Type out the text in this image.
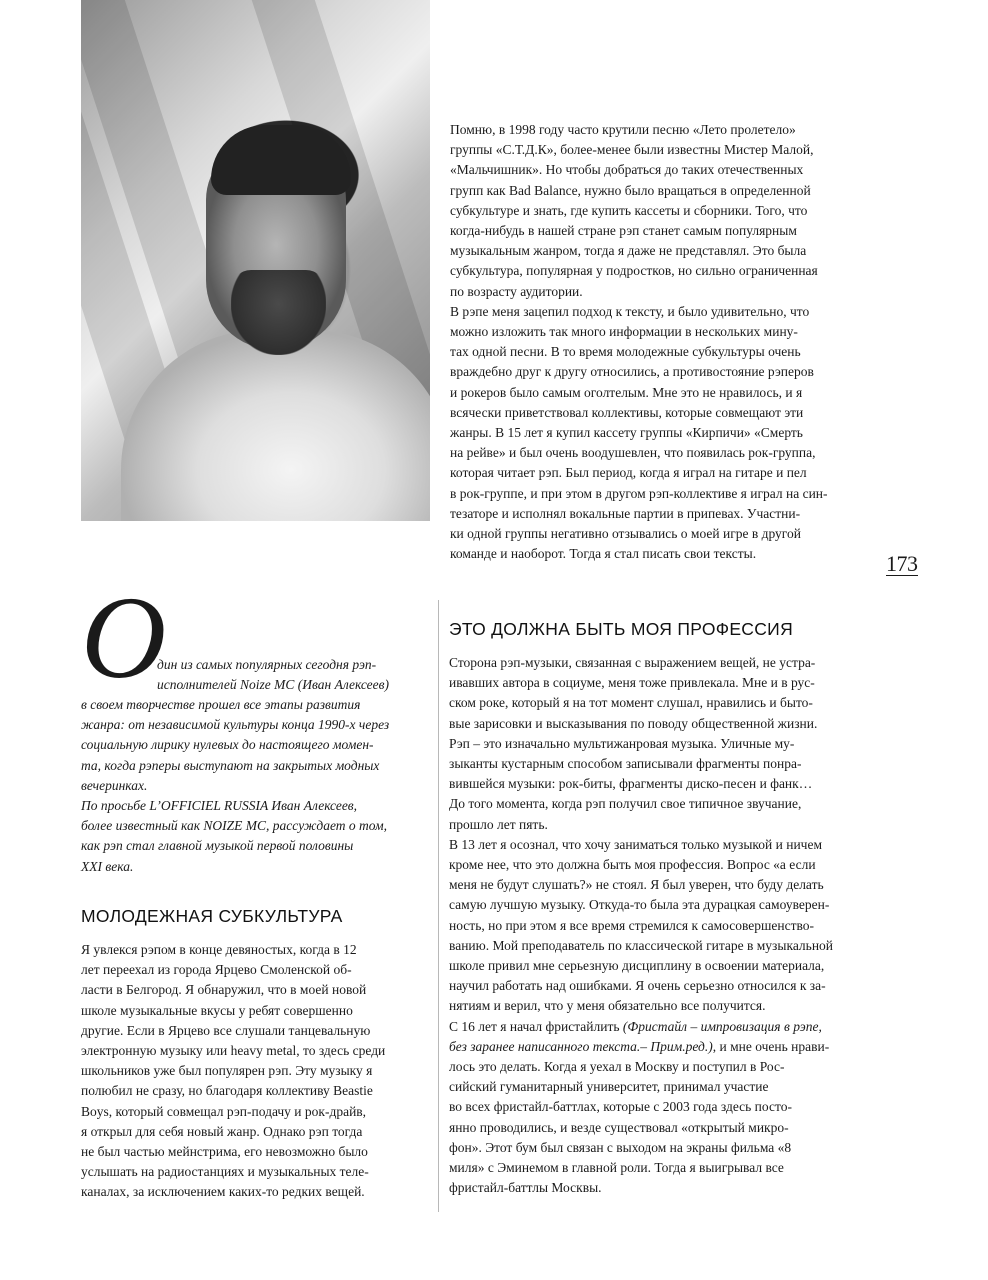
Помню, в 1998 году часто крутили песню «Лето пролетело»
группы «С.Т.Д.К», более-менее были известны Мистер Малой,
«Мальчишник». Но чтобы добраться до таких отечественных
групп как Bad Balance, нужно было вращаться в определенной
субкультуре и знать, где купить кассеты и сборники. Того, что
когда-нибудь в нашей стране рэп станет самым популярным
музыкальным жанром, тогда я даже не представлял. Это была
субкультура, популярная у подростков, но сильно ограниченная
по возрасту аудитории.
В рэпе меня зацепил подход к тексту, и было удивительно, что
можно изложить так много информации в нескольких мину-
тах одной песни. В то время молодежные субкультуры очень
враждебно друг к другу относились, а противостояние рэперов
и рокеров было самым оголтелым. Мне это не нравилось, и я
всячески приветствовал коллективы, которые совмещают эти
жанры. В 15 лет я купил кассету группы «Кирпичи» «Смерть
на рейве» и был очень воодушевлен, что появилась рок-группа,
которая читает рэп. Был период, когда я играл на гитаре и пел
в рок-группе, и при этом в другом рэп-коллективе я играл на син-
тезаторе и исполнял вокальные партии в припевах. Участни-
ки одной группы негативно отзывались о моей игре в другой
команде и наоборот. Тогда я стал писать свои тексты.	173
О
дин из самых популярных сегодня рэп-
исполнителей Noize MC (Иван Алексеев)
в своем творчестве прошел все этапы развития
жанра: от независимой культуры конца 1990-х через
социальную лирику нулевых до настоящего момен-
та, когда рэперы выступают на закрытых модных
вечеринках.
По просьбе L’OFFICIEL RUSSIA Иван Алексеев,
более известный как NOIZE MC, рассуждает о том,
как рэп стал главной музыкой первой половины
XXI века.
МОЛОДЕЖНАЯ СУБКУЛЬТУРА
Я увлекся рэпом в конце девяностых, когда в 12
лет переехал из города Ярцево Смоленской об-
ласти в Белгород. Я обнаружил, что в моей новой
школе музыкальные вкусы у ребят совершенно
другие. Если в Ярцево все слушали танцевальную
электронную музыку или heavy metal, то здесь среди
школьников уже был популярен рэп. Эту музыку я
полюбил не сразу, но благодаря коллективу Beastie
Boys, который совмещал рэп-подачу и рок-драйв,
я открыл для себя новый жанр. Однако рэп тогда
не был частью мейнстрима, его невозможно было
услышать на радиостанциях и музыкальных теле-
каналах, за исключением каких-то редких вещей.
ЭТО ДОЛЖНА БЫТЬ МОЯ ПРОФЕССИЯ
Сторона рэп-музыки, связанная с выражением вещей, не устра-
ивавших автора в социуме, меня тоже привлекала. Мне и в рус-
ском роке, который я на тот момент слушал, нравились и быто-
вые зарисовки и высказывания по поводу общественной жизни.
Рэп – это изначально мультижанровая музыка. Уличные му-
зыканты кустарным способом записывали фрагменты понра-
вившейся музыки: рок-биты, фрагменты диско-песен и фанк…
До того момента, когда рэп получил свое типичное звучание,
прошло лет пять.
В 13 лет я осознал, что хочу заниматься только музыкой и ничем
кроме нее, что это должна быть моя профессия. Вопрос «а если
меня не будут слушать?» не стоял. Я был уверен, что буду делать
самую лучшую музыку. Откуда-то была эта дурацкая самоуверен-
ность, но при этом я все время стремился к самосовершенство-
ванию. Мой преподаватель по классической гитаре в музыкальной
школе привил мне серьезную дисциплину в освоении материала,
научил работать над ошибками. Я очень серьезно относился к за-
нятиям и верил, что у меня обязательно все получится.
С 16 лет я начал фристайлить (Фристайл – импровизация в рэпе,
без заранее написанного текста.– Прим.ред.), и мне очень нрави-
лось это делать. Когда я уехал в Москву и поступил в Рос-
сийский гуманитарный университет, принимал участие
во всех фристайл-баттлах, которые с 2003 года здесь посто-
янно проводились, и везде существовал «открытый микро-
фон». Этот бум был связан с выходом на экраны фильма «8
миля» с Эминемом в главной роли. Тогда я выигрывал все
фристайл-баттлы Москвы.
